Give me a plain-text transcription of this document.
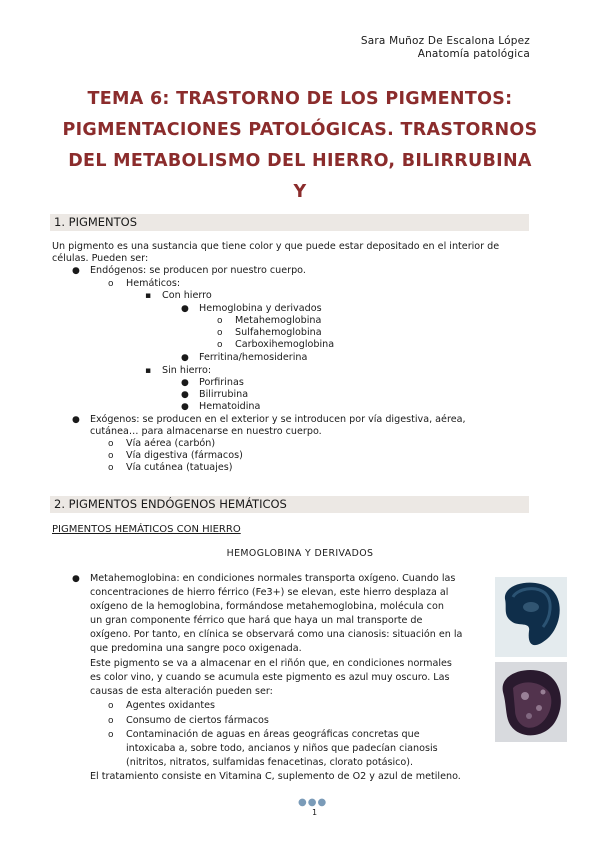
Sara Muñoz De Escalona López
Anatomía patológica
TEMA 6: TRASTORNO DE LOS PIGMENTOS:
PIGMENTACIONES PATOLÓGICAS. TRASTORNOS
DEL METABOLISMO DEL HIERRO, BILIRRUBINA Y
1. PIGMENTOS
Un pigmento es una sustancia que tiene color y que puede estar depositado en el interior de células. Pueden ser:
● Endógenos: se producen por nuestro cuerpo.
o Hemáticos:
▪ Con hierro
● Hemoglobina y derivados
o Metahemoglobina
o Sulfahemoglobina
o Carboxihemoglobina
● Ferritina/hemosiderina
▪ Sin hierro:
● Porfirinas
● Bilirrubina
● Hematoidina
● Exógenos: se producen en el exterior y se introducen por vía digestiva, aérea,
cutánea… para almacenarse en nuestro cuerpo.
o Vía aérea (carbón)
o Vía digestiva (fármacos)
o Vía cutánea (tatuajes)
2. PIGMENTOS ENDÓGENOS HEMÁTICOS
PIGMENTOS HEMÁTICOS CON HIERRO
HEMOGLOBINA Y DERIVADOS
● Metahemoglobina: en condiciones normales transporta oxígeno. Cuando las
concentraciones de hierro férrico (Fe3+) se elevan, este hierro desplaza al
oxígeno de la hemoglobina, formándose metahemoglobina, molécula con
un gran componente férrico que hará que haya un mal transporte de
oxígeno. Por tanto, en clínica se observará como una cianosis: situación en la
que predomina una sangre poco oxigenada.
Este pigmento se va a almacenar en el riñón que, en condiciones normales
es color vino, y cuando se acumula este pigmento es azul muy oscuro. Las
causas de esta alteración pueden ser:
o Agentes oxidantes
o Consumo de ciertos fármacos
o Contaminación de aguas en áreas geográficas concretas que
intoxicaba a, sobre todo, ancianos y niños que padecían cianosis
(nitritos, nitratos, sulfamidas fenacetinas, clorato potásico).
El tratamiento consiste en Vitamina C, suplemento de O2 y azul de metileno.
●●●
1
